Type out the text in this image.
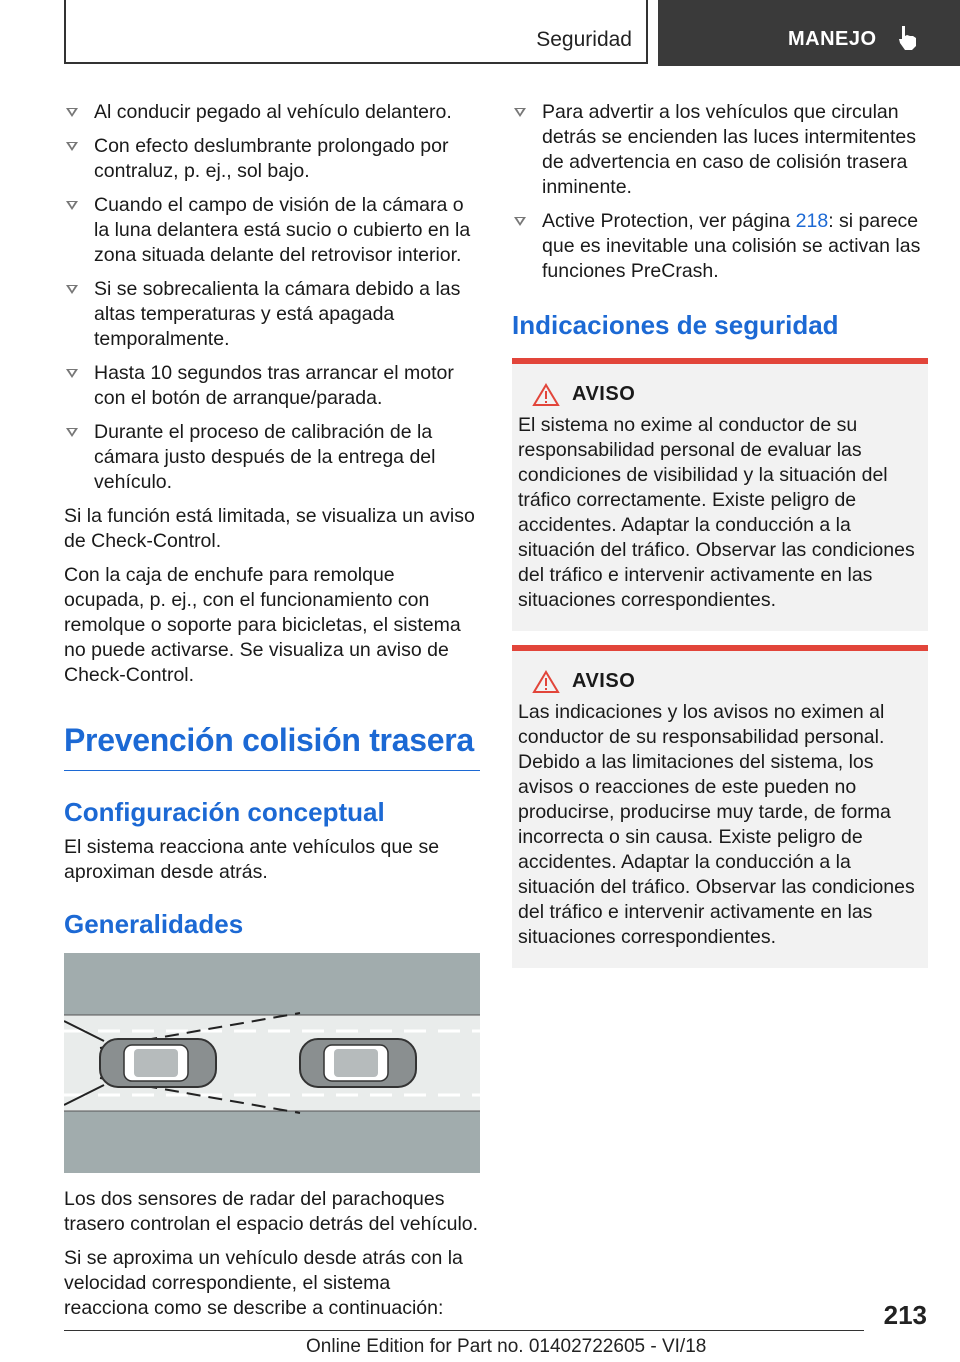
Seguridad	MANEJO
Al conducir pegado al vehículo delantero.
Con efecto deslumbrante prolongado por contraluz, p. ej., sol bajo.
Cuando el campo de visión de la cámara o la luna delantera está sucio o cubierto en la zona situada delante del retrovisor interior.
Si se sobrecalienta la cámara debido a las altas temperaturas y está apagada temporalmente.
Hasta 10 segundos tras arrancar el motor con el botón de arranque/parada.
Durante el proceso de calibración de la cámara justo después de la entrega del vehículo.

Si la función está limitada, se visualiza un aviso de Check-Control.

Con la caja de enchufe para remolque ocupada, p. ej., con el funcionamiento con remolque o soporte para bicicletas, el sistema no puede activarse. Se visualiza un aviso de Check-Control.

Prevención colisión trasera
Configuración conceptual

El sistema reacciona ante vehículos que se aproximan desde atrás.

Generalidades

Los dos sensores de radar del parachoques trasero controlan el espacio detrás del vehículo.

Si se aproxima un vehículo desde atrás con la velocidad correspondiente, el sistema reacciona como se describe a continuación:

Para advertir a los vehículos que circulan detrás se encienden las luces intermitentes de advertencia en caso de colisión trasera inminente.
Active Protection, ver página 218: si parece que es inevitable una colisión se activan las funciones PreCrash.
Indicaciones de seguridad
AVISO
El sistema no exime al conductor de su responsabilidad personal de evaluar las condiciones de visibilidad y la situación del tráfico correctamente. Existe peligro de accidentes. Adaptar la conducción a la situación del tráfico. Observar las condiciones del tráfico e intervenir activamente en las situaciones correspondientes.
AVISO
Las indicaciones y los avisos no eximen al conductor de su responsabilidad personal. Debido a las limitaciones del sistema, los avisos o reacciones de este pueden no producirse, producirse muy tarde, de forma incorrecta o sin causa. Existe peligro de accidentes. Adaptar la conducción a la situación del tráfico. Observar las condiciones del tráfico e intervenir activamente en las situaciones correspondientes.
213
Online Edition for Part no. 01402722605 - VI/18
